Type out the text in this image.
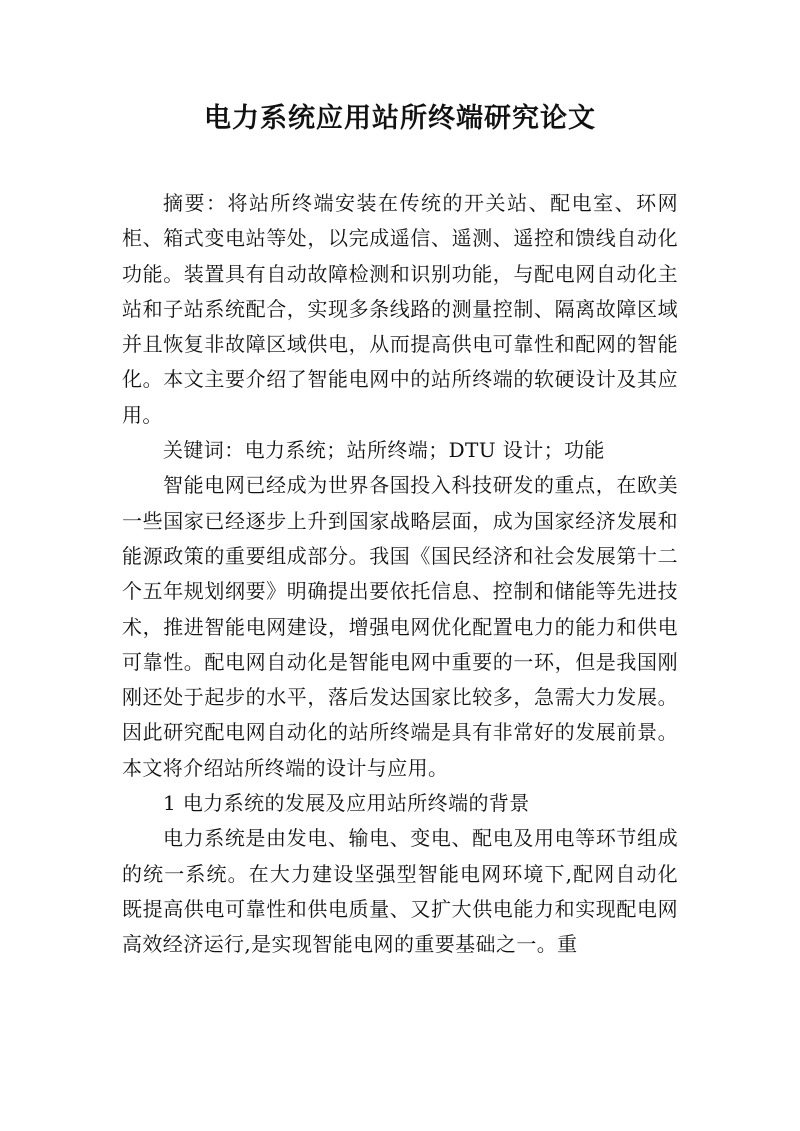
电力系统应用站所终端研究论文

摘要：将站所终端安装在传统的开关站、配电室、环网柜、箱式变电站等处，以完成遥信、遥测、遥控和馈线自动化功能。装置具有自动故障检测和识别功能，与配电网自动化主站和子站系统配合，实现多条线路的测量控制、隔离故障区域并且恢复非故障区域供电，从而提高供电可靠性和配网的智能化。本文主要介绍了智能电网中的站所终端的软硬设计及其应用。

关键词：电力系统；站所终端；DTU 设计；功能

智能电网已经成为世界各国投入科技研发的重点，在欧美一些国家已经逐步上升到国家战略层面，成为国家经济发展和能源政策的重要组成部分。我国《国民经济和社会发展第十二个五年规划纲要》明确提出要依托信息、控制和储能等先进技术，推进智能电网建设，增强电网优化配置电力的能力和供电可靠性。配电网自动化是智能电网中重要的一环，但是我国刚刚还处于起步的水平，落后发达国家比较多，急需大力发展。因此研究配电网自动化的站所终端是具有非常好的发展前景。本文将介绍站所终端的设计与应用。

1 电力系统的发展及应用站所终端的背景

电力系统是由发电、输电、变电、配电及用电等环节组成的统一系统。在大力建设坚强型智能电网环境下,配网自动化既提高供电可靠性和供电质量、又扩大供电能力和实现配电网高效经济运行,是实现智能电网的重要基础之一。重
